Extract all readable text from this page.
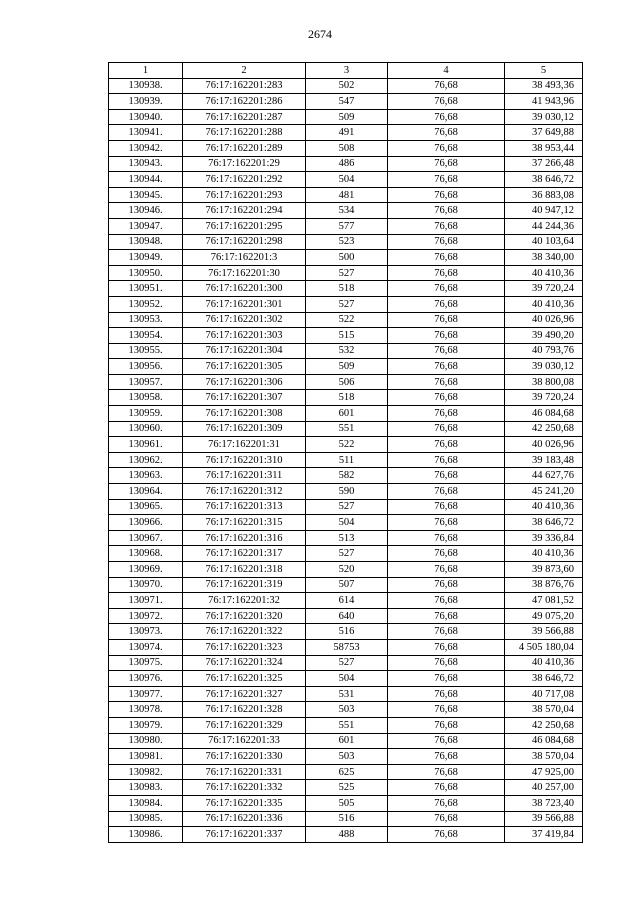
2674
1	2	3	4	5
130938.	76:17:162201:283	502	76,68	38 493,36
130939.	76:17:162201:286	547	76,68	41 943,96
130940.	76:17:162201:287	509	76,68	39 030,12
130941.	76:17:162201:288	491	76,68	37 649,88
130942.	76:17:162201:289	508	76,68	38 953,44
130943.	76:17:162201:29	486	76,68	37 266,48
130944.	76:17:162201:292	504	76,68	38 646,72
130945.	76:17:162201:293	481	76,68	36 883,08
130946.	76:17:162201:294	534	76,68	40 947,12
130947.	76:17:162201:295	577	76,68	44 244,36
130948.	76:17:162201:298	523	76,68	40 103,64
130949.	76:17:162201:3	500	76,68	38 340,00
130950.	76:17:162201:30	527	76,68	40 410,36
130951.	76:17:162201:300	518	76,68	39 720,24
130952.	76:17:162201:301	527	76,68	40 410,36
130953.	76:17:162201:302	522	76,68	40 026,96
130954.	76:17:162201:303	515	76,68	39 490,20
130955.	76:17:162201:304	532	76,68	40 793,76
130956.	76:17:162201:305	509	76,68	39 030,12
130957.	76:17:162201:306	506	76,68	38 800,08
130958.	76:17:162201:307	518	76,68	39 720,24
130959.	76:17:162201:308	601	76,68	46 084,68
130960.	76:17:162201:309	551	76,68	42 250,68
130961.	76:17:162201:31	522	76,68	40 026,96
130962.	76:17:162201:310	511	76,68	39 183,48
130963.	76:17:162201:311	582	76,68	44 627,76
130964.	76:17:162201:312	590	76,68	45 241,20
130965.	76:17:162201:313	527	76,68	40 410,36
130966.	76:17:162201:315	504	76,68	38 646,72
130967.	76:17:162201:316	513	76,68	39 336,84
130968.	76:17:162201:317	527	76,68	40 410,36
130969.	76:17:162201:318	520	76,68	39 873,60
130970.	76:17:162201:319	507	76,68	38 876,76
130971.	76:17:162201:32	614	76,68	47 081,52
130972.	76:17:162201:320	640	76,68	49 075,20
130973.	76:17:162201:322	516	76,68	39 566,88
130974.	76:17:162201:323	58753	76,68	4 505 180,04
130975.	76:17:162201:324	527	76,68	40 410,36
130976.	76:17:162201:325	504	76,68	38 646,72
130977.	76:17:162201:327	531	76,68	40 717,08
130978.	76:17:162201:328	503	76,68	38 570,04
130979.	76:17:162201:329	551	76,68	42 250,68
130980.	76:17:162201:33	601	76,68	46 084,68
130981.	76:17:162201:330	503	76,68	38 570,04
130982.	76:17:162201:331	625	76,68	47 925,00
130983.	76:17:162201:332	525	76,68	40 257,00
130984.	76:17:162201:335	505	76,68	38 723,40
130985.	76:17:162201:336	516	76,68	39 566,88
130986.	76:17:162201:337	488	76,68	37 419,84
